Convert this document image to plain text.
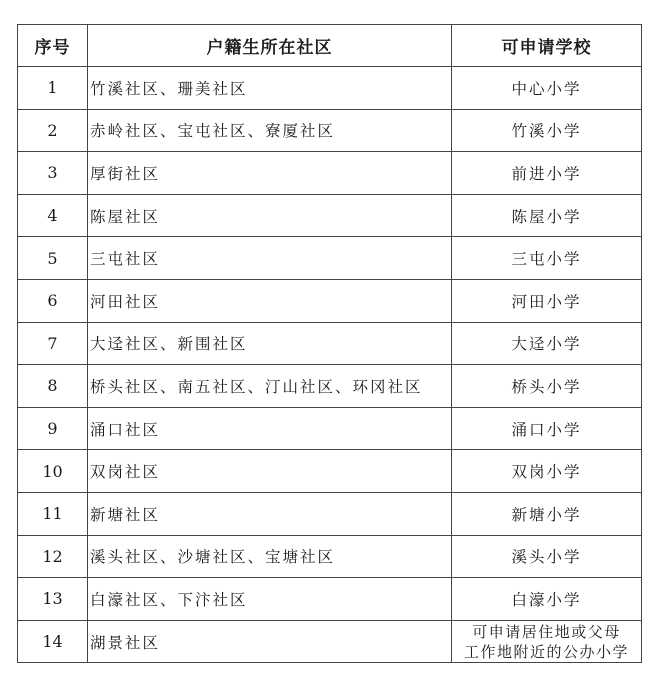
序号	户籍生所在社区	可申请学校
1	竹溪社区、珊美社区	中心小学
2	赤岭社区、宝屯社区、寮厦社区	竹溪小学
3	厚街社区	前进小学
4	陈屋社区	陈屋小学
5	三屯社区	三屯小学
6	河田社区	河田小学
7	大迳社区、新围社区	大迳小学
8	桥头社区、南五社区、汀山社区、环冈社区	桥头小学
9	涌口社区	涌口小学
10	双岗社区	双岗小学
11	新塘社区	新塘小学
12	溪头社区、沙塘社区、宝塘社区	溪头小学
13	白濠社区、下汴社区	白濠小学
14	湖景社区	可申请居住地或父母
工作地附近的公办小学
